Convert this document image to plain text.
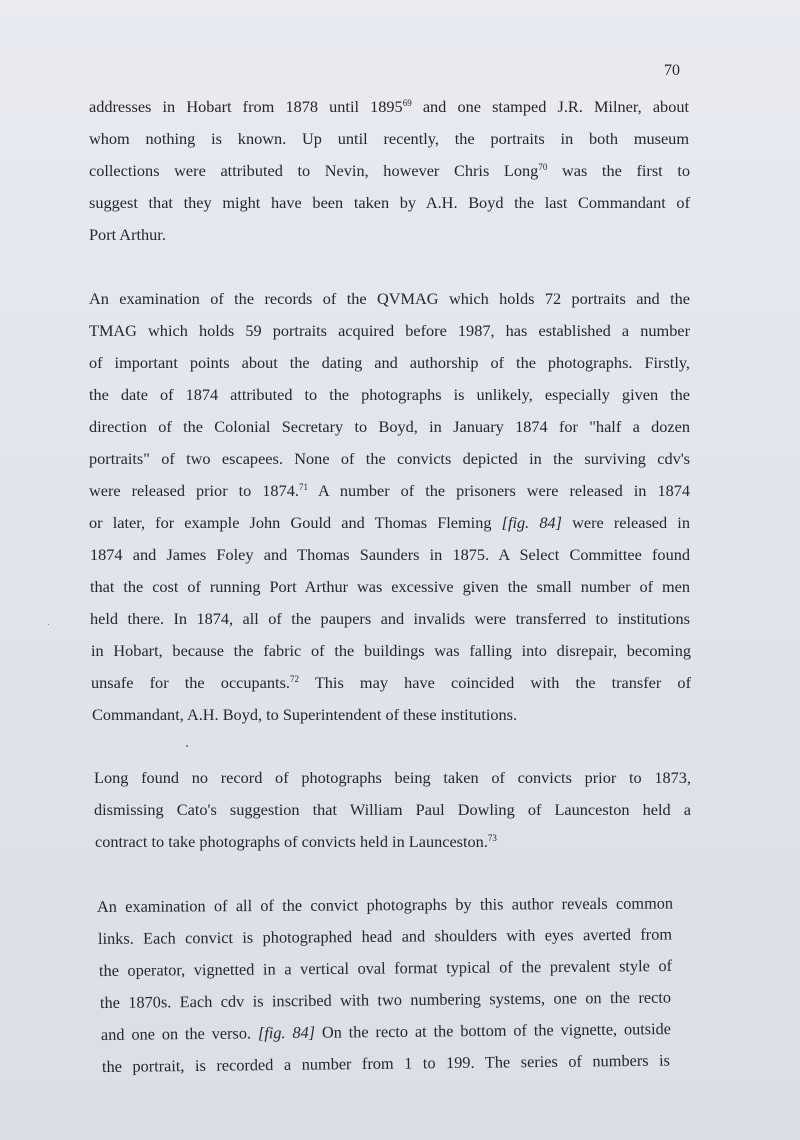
70
addresses in Hobart from 1878 until 1895$^{69}$ and one stamped J.R. Milner, about
whom nothing is known. Up until recently, the portraits in both museum
collections were attributed to Nevin, however Chris Long$^{70}$ was the first to
suggest that they might have been taken by A.H. Boyd the last Commandant of
Port Arthur.
An examination of the records of the QVMAG which holds 72 portraits and the
TMAG which holds 59 portraits acquired before 1987, has established a number
of important points about the dating and authorship of the photographs. Firstly,
the date of 1874 attributed to the photographs is unlikely, especially given the
direction of the Colonial Secretary to Boyd, in January 1874 for "half a dozen
portraits" of two escapees. None of the convicts depicted in the surviving cdv's
were released prior to 1874.71 A number of the prisoners were released in 1874
or later, for example John Gould and Thomas Fleming [fig. 84] were released in
1874 and James Foley and Thomas Saunders in 1875. A Select Committee found
that the cost of running Port Arthur was excessive given the small number of men
held there. In 1874, all of the paupers and invalids were transferred to institutions
in Hobart, because the fabric of the buildings was falling into disrepair, becoming
unsafe for the occupants.$^{72}$ This may have coincided with the transfer of
Commandant, A.H. Boyd, to Superintendent of these institutions.
Long found no record of photographs being taken of convicts prior to 1873,
dismissing Cato's suggestion that William Paul Dowling of Launceston held a
contract to take photographs of convicts held in Launceston.$^{73}$
An examination of all of the convict photographs by this author reveals common
links. Each convict is photographed head and shoulders with eyes averted from
the operator, vignetted in a vertical oval format typical of the prevalent style of
the 1870s. Each cdv is inscribed with two numbering systems, one on the recto
and one on the verso. [fig. 84] On the recto at the bottom of the vignette, outside
the portrait, is recorded a number from 1 to 199. The series of numbers is
